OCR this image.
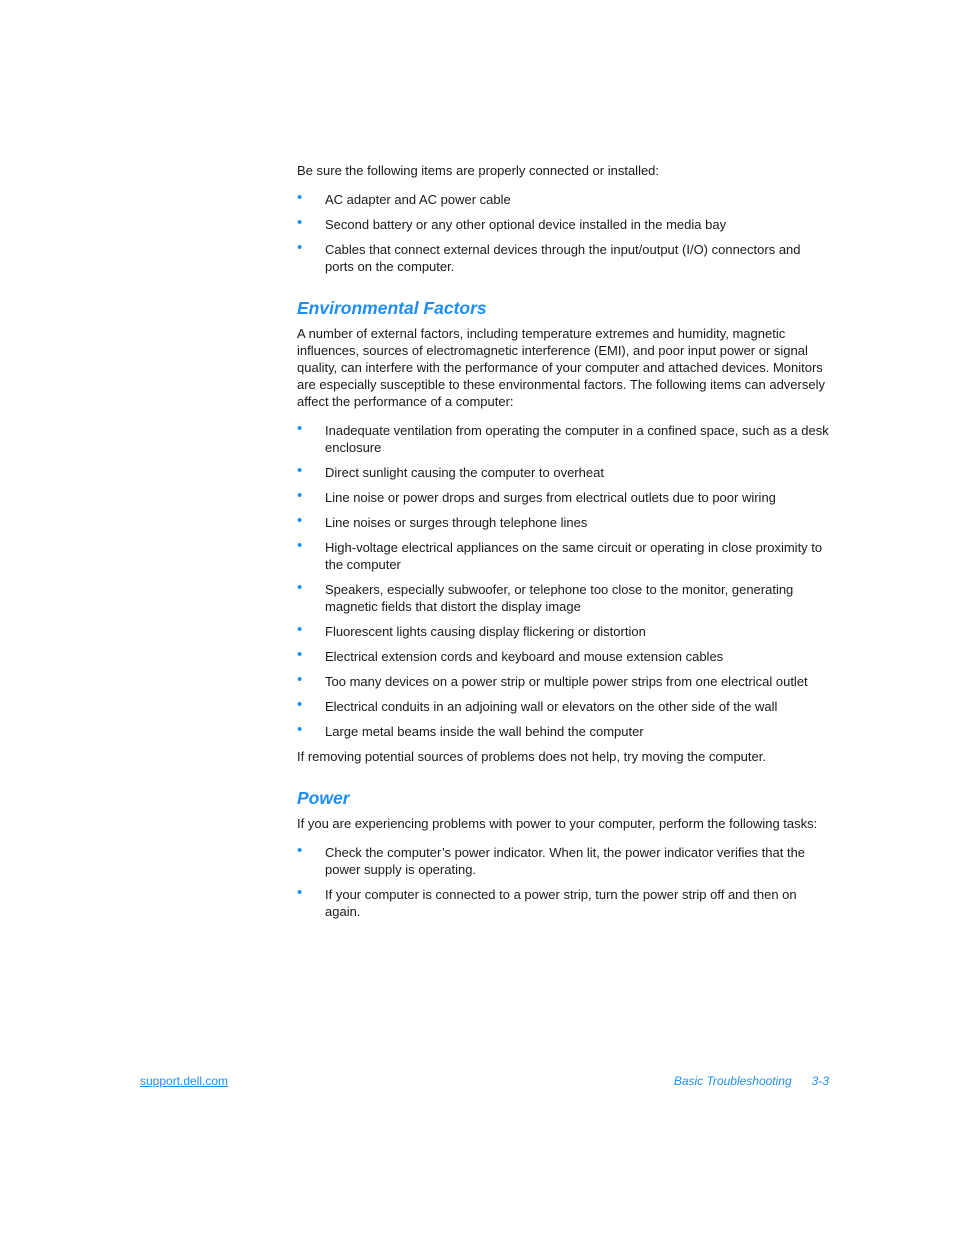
Be sure the following items are properly connected or installed:

• AC adapter and AC power cable
• Second battery or any other optional device installed in the media bay
• Cables that connect external devices through the input/output (I/O) connectors and ports on the computer.
Environmental Factors

A number of external factors, including temperature extremes and humidity, magnetic influences, sources of electromagnetic interference (EMI), and poor input power or signal quality, can interfere with the performance of your computer and attached devices. Monitors are especially susceptible to these environmental factors. The following items can adversely affect the performance of a computer:

• Inadequate ventilation from operating the computer in a confined space, such as a desk enclosure
• Direct sunlight causing the computer to overheat
• Line noise or power drops and surges from electrical outlets due to poor wiring
• Line noises or surges through telephone lines
• High-voltage electrical appliances on the same circuit or operating in close proximity to the computer
• Speakers, especially subwoofer, or telephone too close to the monitor, generating magnetic fields that distort the display image
• Fluorescent lights causing display flickering or distortion
• Electrical extension cords and keyboard and mouse extension cables
• Too many devices on a power strip or multiple power strips from one electrical outlet
• Electrical conduits in an adjoining wall or elevators on the other side of the wall
• Large metal beams inside the wall behind the computer

If removing potential sources of problems does not help, try moving the computer.

Power

If you are experiencing problems with power to your computer, perform the following tasks:

• Check the computer’s power indicator. When lit, the power indicator verifies that the power supply is operating.
• If your computer is connected to a power strip, turn the power strip off and then on again.
support.dell.com	Basic Troubleshooting 3-3
